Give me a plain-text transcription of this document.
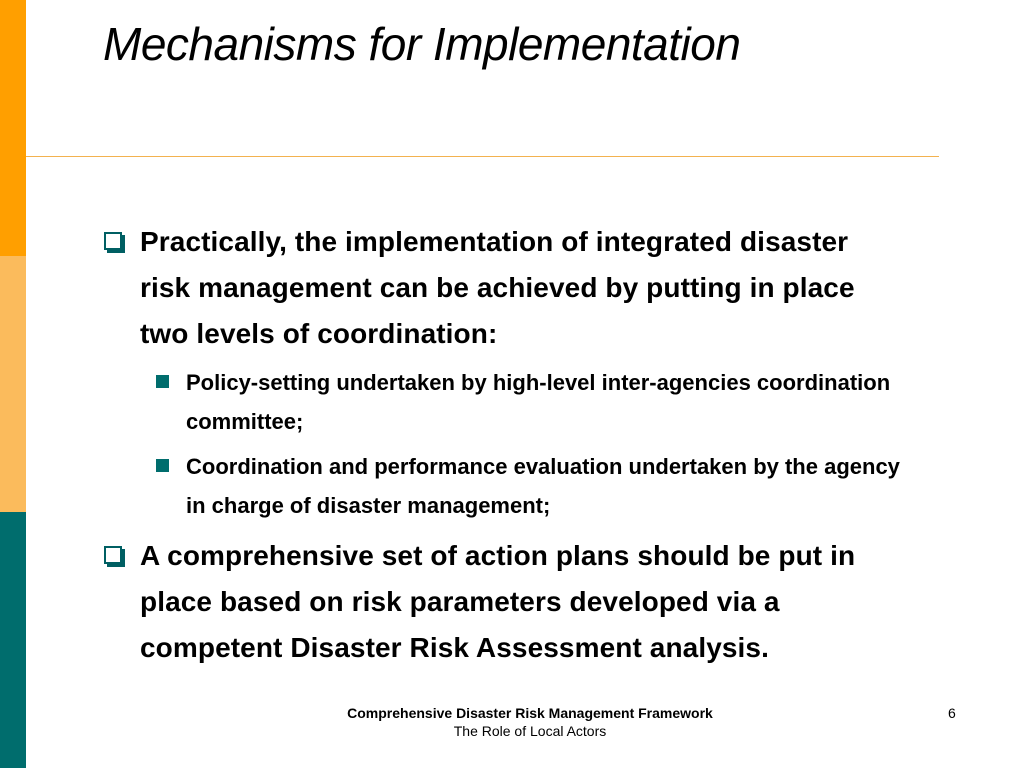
Mechanisms for Implementation
Practically, the implementation of integrated disaster risk management can be achieved by putting in place two levels of coordination:
Policy-setting undertaken by high-level inter-agencies coordination committee;
Coordination and performance evaluation undertaken by the agency in charge of disaster management;
A comprehensive set of action plans should be put in place based on risk parameters developed via a competent Disaster Risk Assessment analysis.
Comprehensive Disaster Risk Management Framework
The Role of Local Actors
6
